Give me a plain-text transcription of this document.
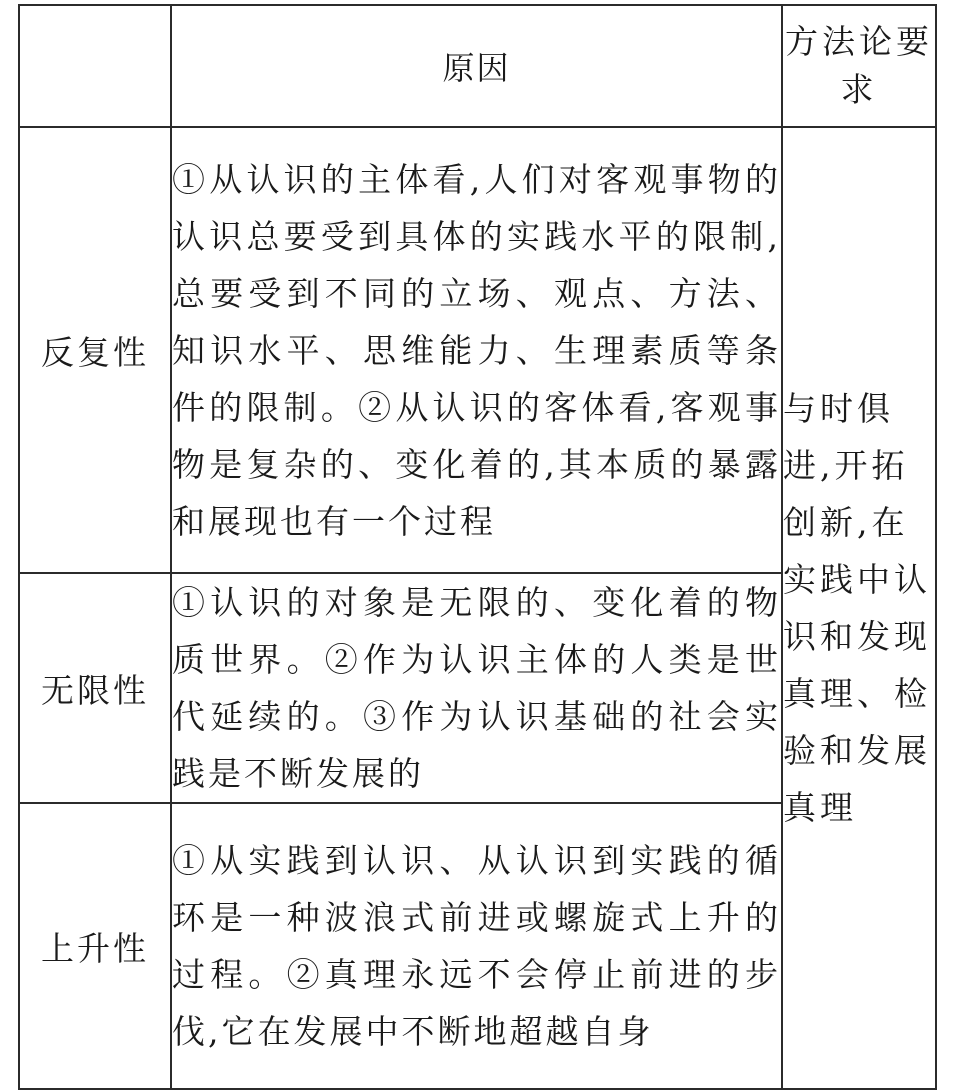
	原因	方法论要求
反复性	①从认识的主体看,人们对客观事物的认识总要受到具体的实践水平的限制,总要受到不同的立场、观点、方法、知识水平、思维能力、生理素质等条件的限制。②从认识的客体看,客观事物是复杂的、变化着的,其本质的暴露和展现也有一个过程	与时俱进,开拓创新,在实践中认识和发现真理、检验和发展真理
无限性	①认识的对象是无限的、变化着的物质世界。②作为认识主体的人类是世代延续的。③作为认识基础的社会实践是不断发展的	
上升性	①从实践到认识、从认识到实践的循环是一种波浪式前进或螺旋式上升的过程。②真理永远不会停止前进的步伐,它在发展中不断地超越自身	
